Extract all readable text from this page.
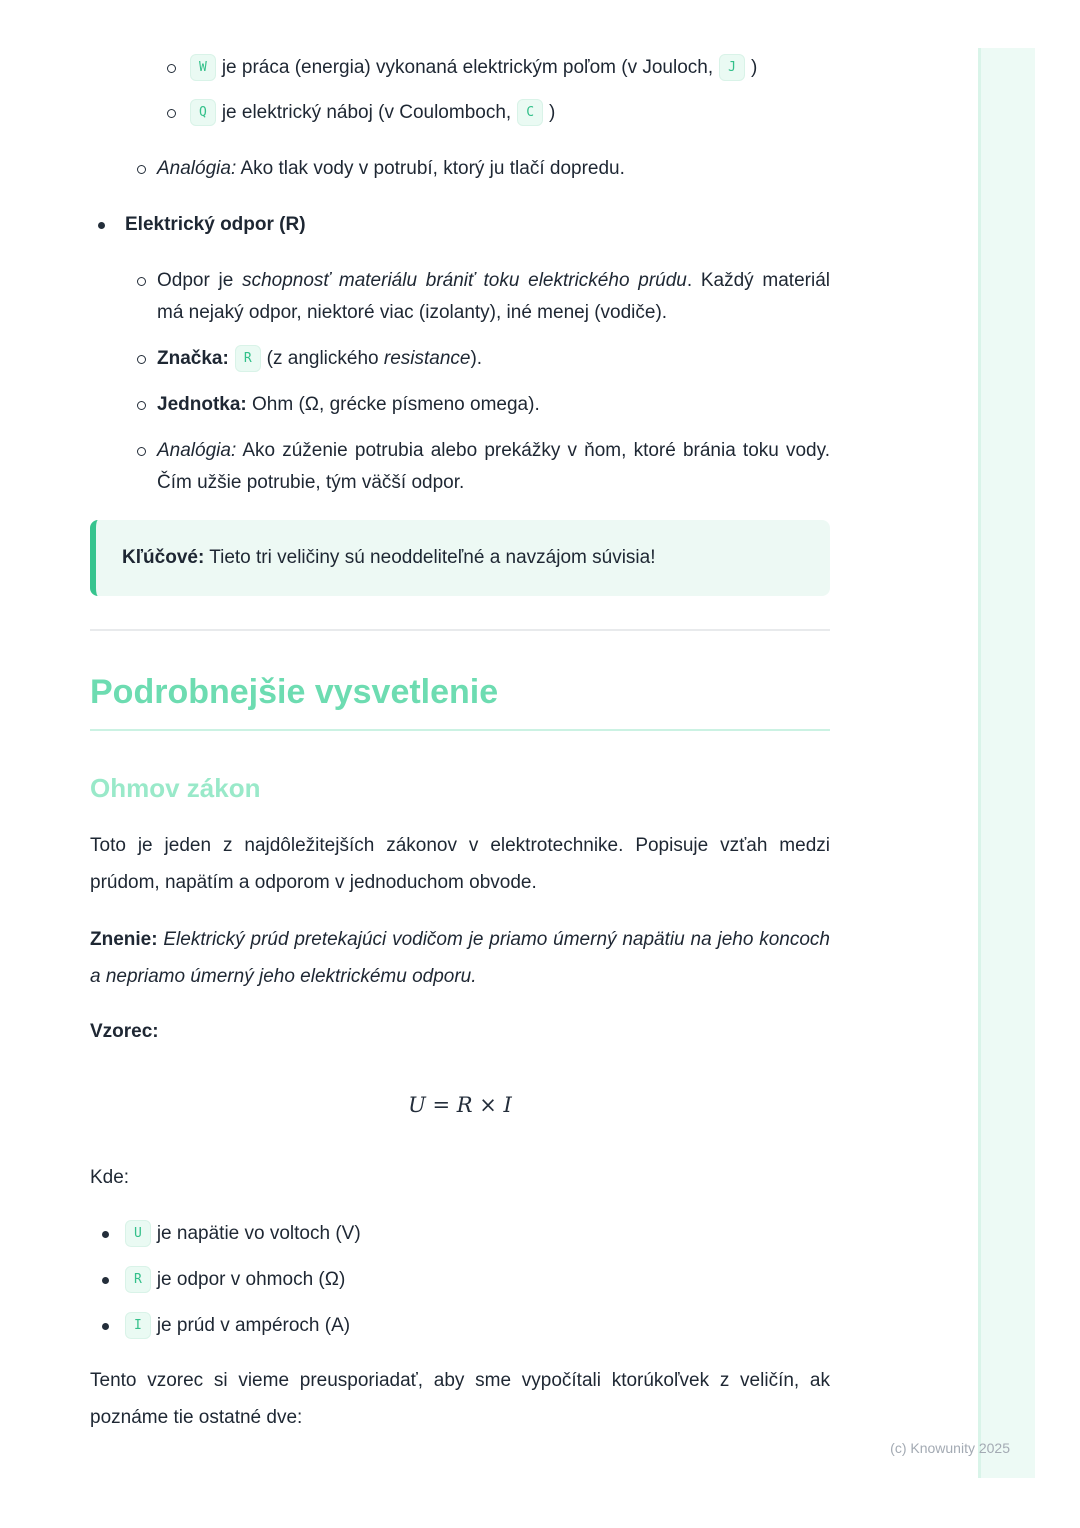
W je práca (energia) vykonaná elektrickým poľom (v Jouloch, J )
Q je elektrický náboj (v Coulomboch, C )
Analógia: Ako tlak vody v potrubí, ktorý ju tlačí dopredu.
Elektrický odpor (R)
Odpor je schopnosť materiálu brániť toku elektrického prúdu. Každý materiál má nejaký odpor, niektoré viac (izolanty), iné menej (vodiče).
Značka: R (z anglického resistance).
Jednotka: Ohm (Ω, grécke písmeno omega).
Analógia: Ako zúženie potrubia alebo prekážky v ňom, ktoré bránia toku vody. Čím užšie potrubie, tým väčší odpor.
Kľúčové: Tieto tri veličiny sú neoddeliteľné a navzájom súvisia!
Podrobnejšie vysvetlenie
Ohmov zákon
Toto je jeden z najdôležitejších zákonov v elektrotechnike. Popisuje vzťah medzi prúdom, napätím a odporom v jednoduchom obvode.
Znenie: Elektrický prúd pretekajúci vodičom je priamo úmerný napätiu na jeho koncoch a nepriamo úmerný jeho elektrickému odporu.
Vzorec:
U = R × I
Kde:
U je napätie vo voltoch (V)
R je odpor v ohmoch (Ω)
I je prúd v ampéroch (A)
Tento vzorec si vieme preusporiadať, aby sme vypočítali ktorúkoľvek z veličín, ak poznáme tie ostatné dve:
(c) Knowunity 2025
